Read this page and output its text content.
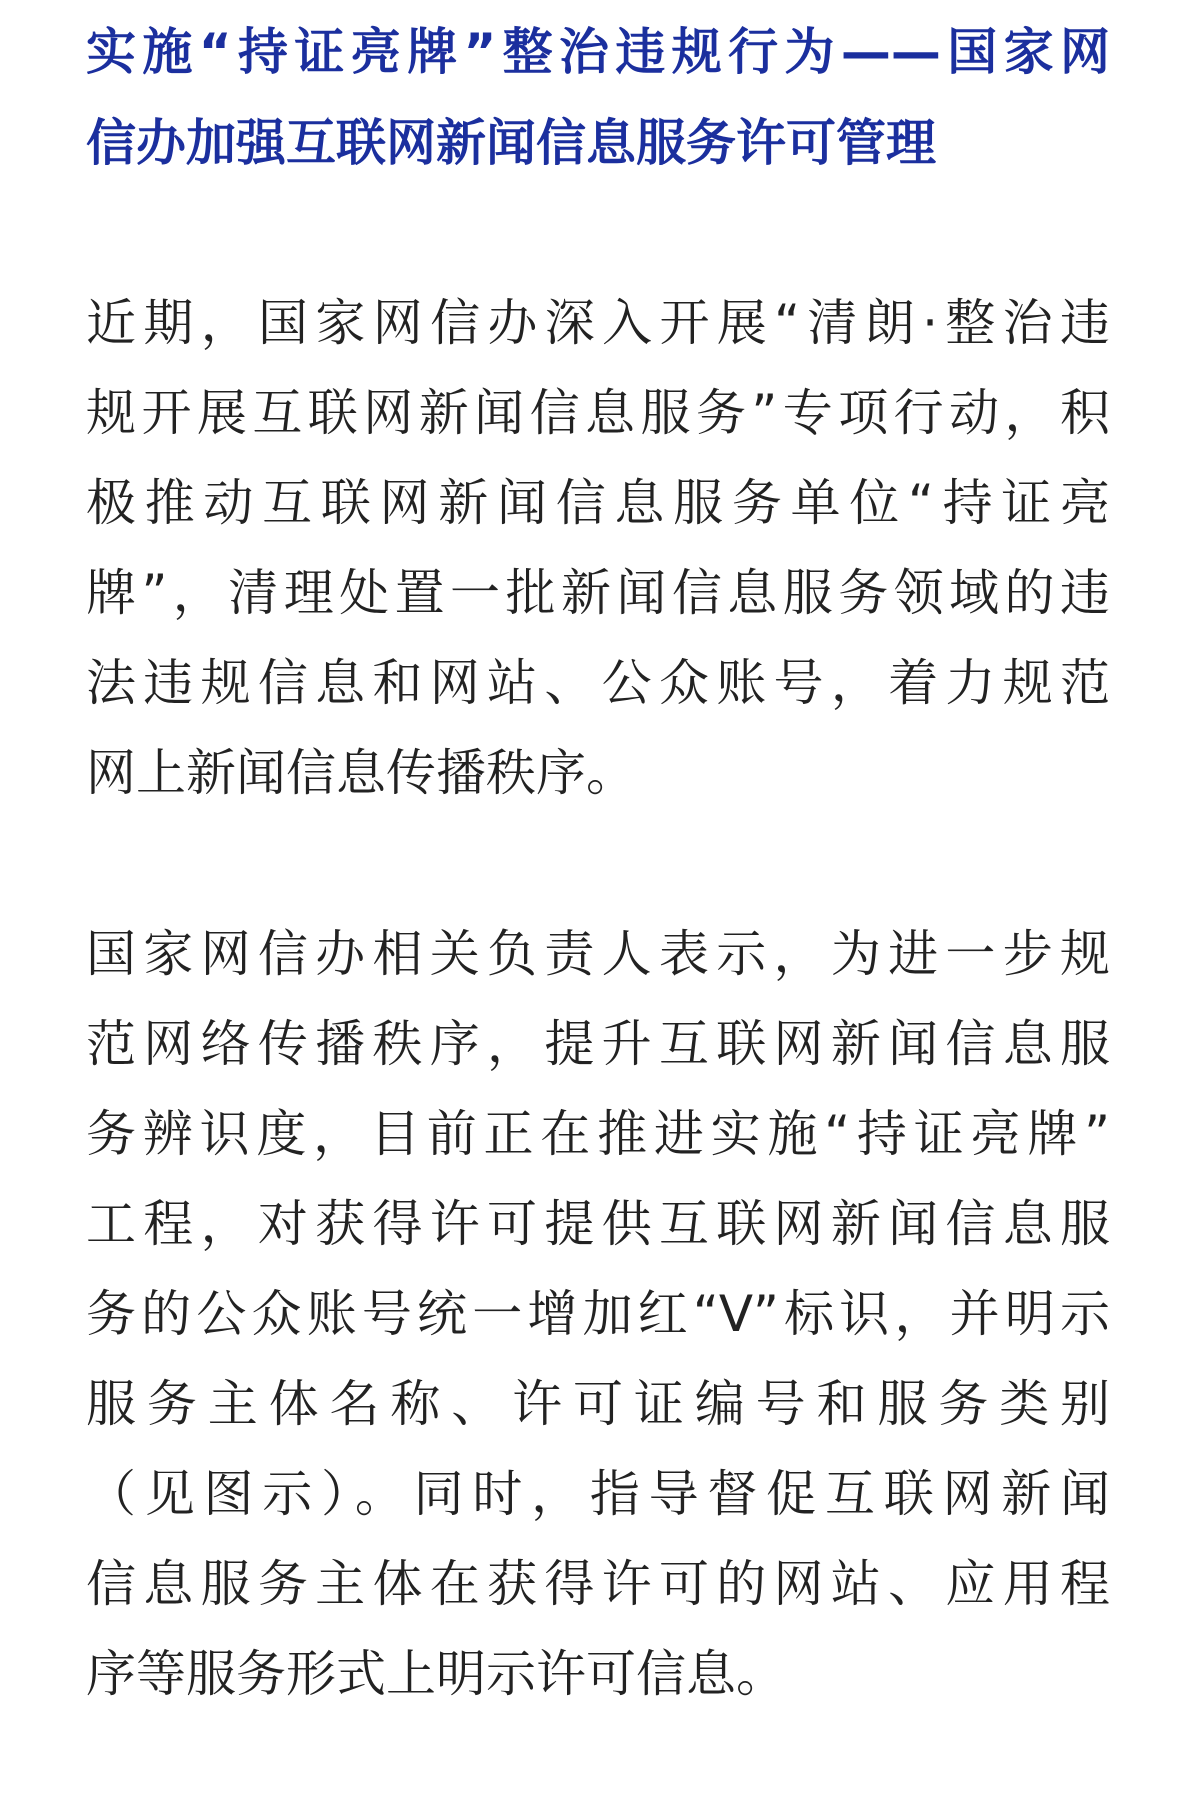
实施“持证亮牌”整治违规行为——国家网
信办加强互联网新闻信息服务许可管理
近期，国家网信办深入开展“清朗·整治违
规开展互联网新闻信息服务”专项行动，积
极推动互联网新闻信息服务单位“持证亮
牌”，清理处置一批新闻信息服务领域的违
法违规信息和网站、公众账号，着力规范
网上新闻信息传播秩序。
国家网信办相关负责人表示，为进一步规
范网络传播秩序，提升互联网新闻信息服
务辨识度，目前正在推进实施“持证亮牌”
工程，对获得许可提供互联网新闻信息服
务的公众账号统一增加红“V”标识，并明示
服务主体名称、许可证编号和服务类别
（见图示）。同时，指导督促互联网新闻
信息服务主体在获得许可的网站、应用程
序等服务形式上明示许可信息。
